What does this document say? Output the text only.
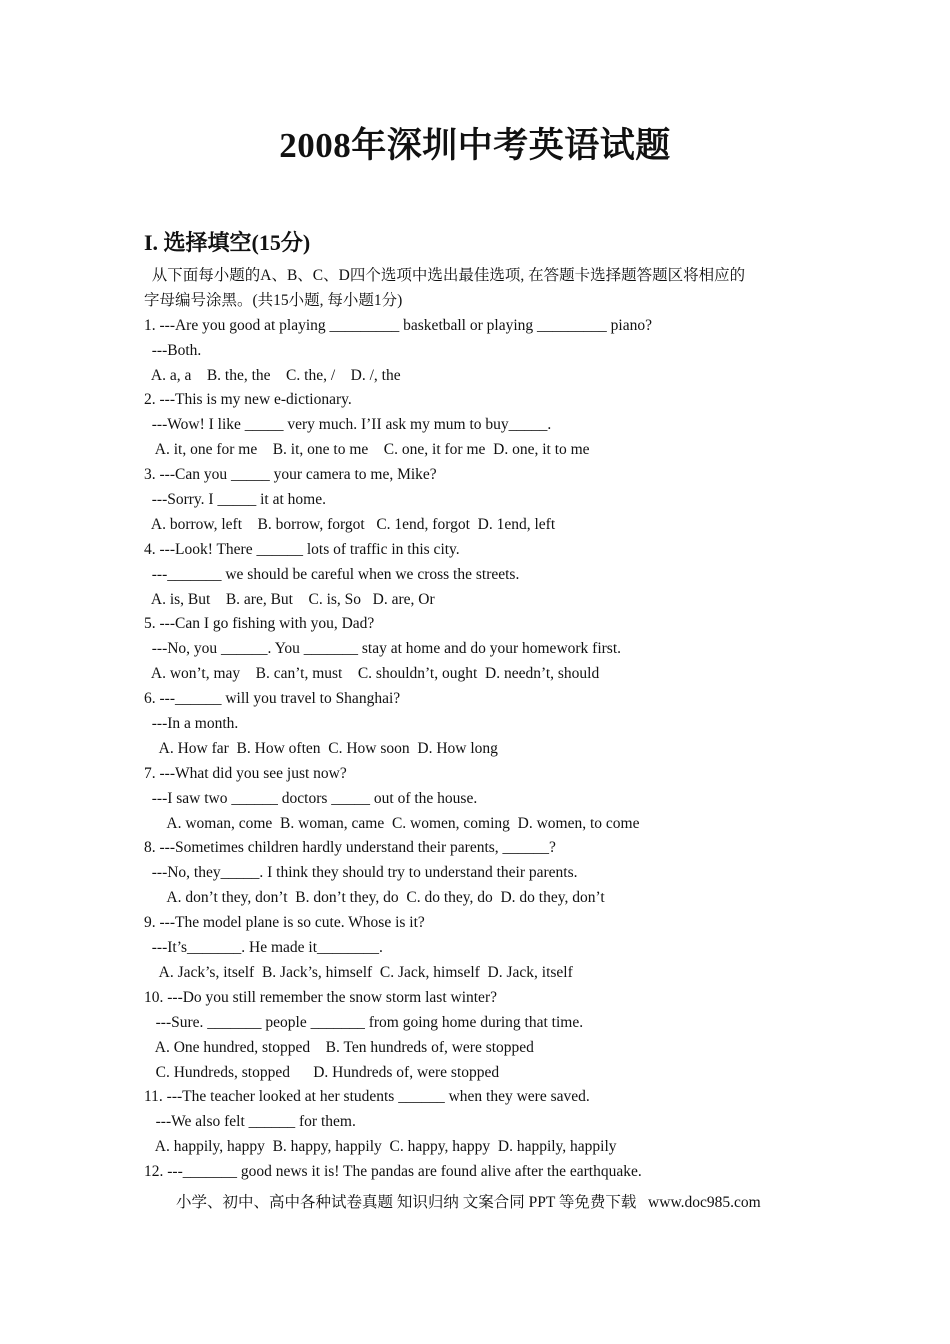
2008年深圳中考英语试题
I. 选择填空(15分)
从下面每小题的A、B、C、D四个选项中选出最佳选项, 在答题卡选择题答题区将相应的
字母编号涂黑。(共15小题, 每小题1分)
1. ---Are you good at playing _________ basketball or playing _________ piano?
---Both.
A. a, a    B. the, the    C. the, /    D. /, the
2. ---This is my new e-dictionary.
---Wow! I like _____ very much. I’II ask my mum to buy_____.
A. it, one for me    B. it, one to me    C. one, it for me  D. one, it to me
3. ---Can you _____ your camera to me, Mike?
---Sorry. I _____ it at home.
A. borrow, left    B. borrow, forgot   C. 1end, forgot  D. 1end, left
4. ---Look! There ______ lots of traffic in this city.
---_______ we should be careful when we cross the streets.
A. is, But    B. are, But    C. is, So   D. are, Or
5. ---Can I go fishing with you, Dad?
---No, you ______. You _______ stay at home and do your homework first.
A. won’t, may    B. can’t, must    C. shouldn’t, ought  D. needn’t, should
6. ---______ will you travel to Shanghai?
---In a month.
A. How far  B. How often  C. How soon  D. How long
7. ---What did you see just now?
---I saw two ______ doctors _____ out of the house.
A. woman, come  B. woman, came  C. women, coming  D. women, to come
8. ---Sometimes children hardly understand their parents, ______?
---No, they_____. I think they should try to understand their parents.
A. don’t they, don’t  B. don’t they, do  C. do they, do  D. do they, don’t
9. ---The model plane is so cute. Whose is it?
---It’s_______. He made it________.
A. Jack’s, itself  B. Jack’s, himself  C. Jack, himself  D. Jack, itself
10. ---Do you still remember the snow storm last winter?
---Sure. _______ people _______ from going home during that time.
A. One hundred, stopped    B. Ten hundreds of, were stopped
C. Hundreds, stopped      D. Hundreds of, were stopped
11. ---The teacher looked at her students ______ when they were saved.
---We also felt ______ for them.
A. happily, happy  B. happy, happily  C. happy, happy  D. happily, happily
12. ---_______ good news it is! The pandas are found alive after the earthquake.
小学、初中、高中各种试卷真题 知识归纳 文案合同 PPT 等免费下载   www.doc985.com
